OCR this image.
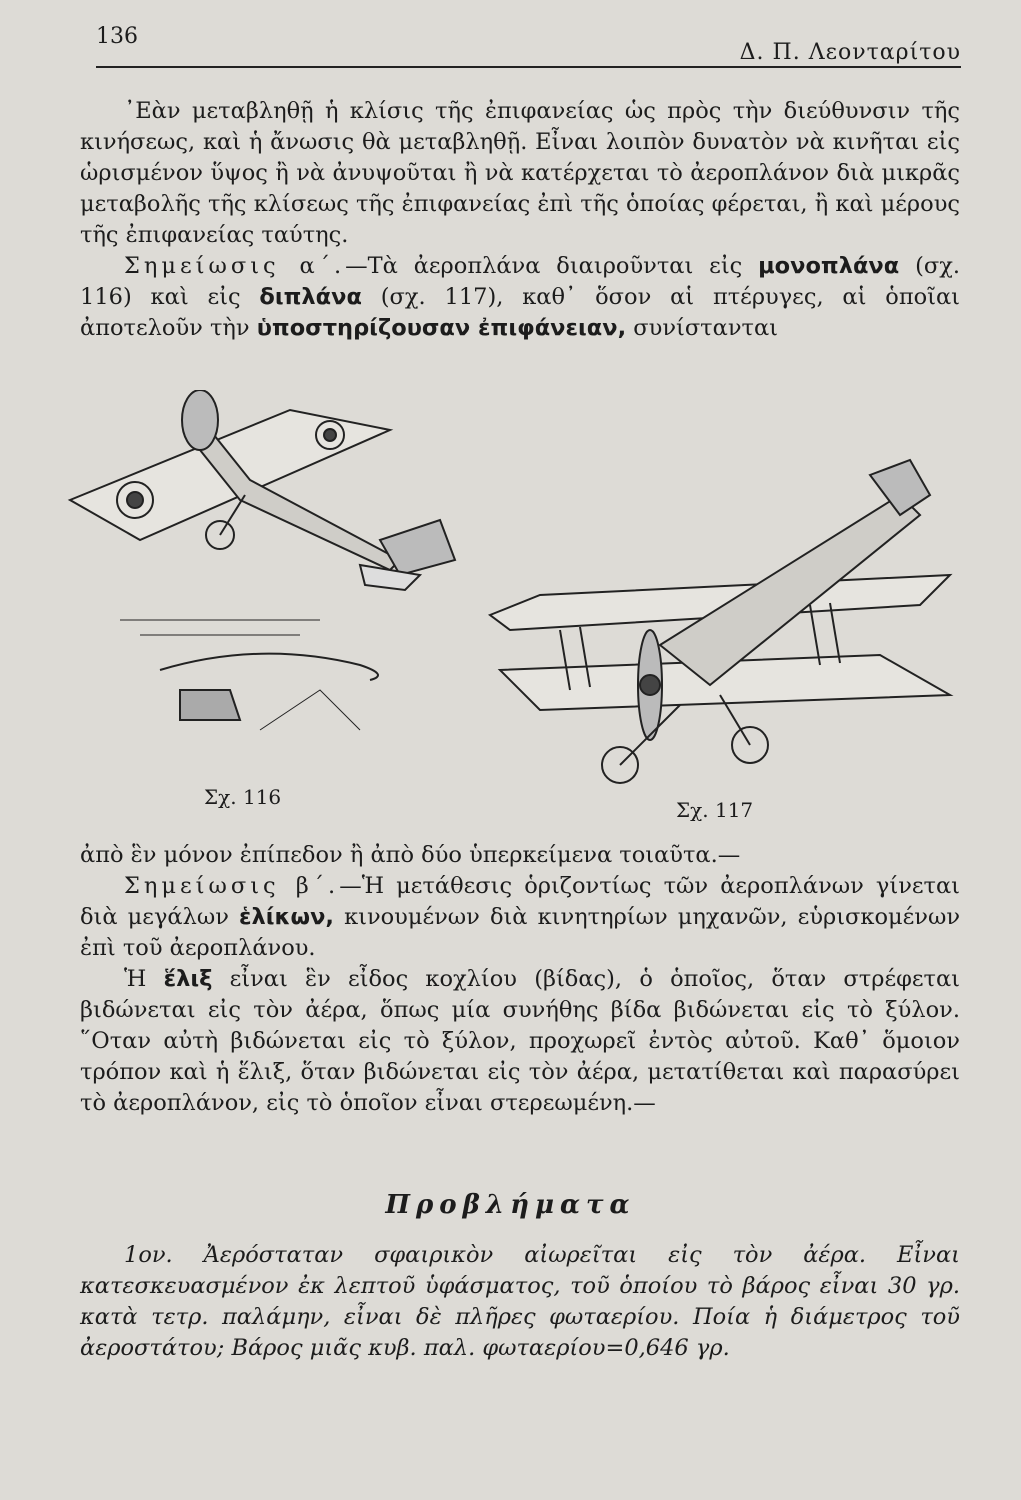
136
Δ. Π. Λεονταρίτου

᾽Εὰν μεταβληθῇ ἡ κλίσις τῆς ἐπιφανείας ὡς πρὸς τὴν διεύθυνσιν τῆς κινήσεως, καὶ ἡ ἄνωσις θὰ μεταβληθῇ. Εἶναι λοιπὸν δυνατὸν νὰ κινῆται εἰς ὡρισμένον ὕψος ἢ νὰ ἀνυψοῦται ἢ νὰ κατέρχεται τὸ ἀεροπλάνον διὰ μικρᾶς μεταβολῆς τῆς κλίσεως τῆς ἐπιφανείας ἐπὶ τῆς ὁποίας φέρεται, ἢ καὶ μέρους τῆς ἐπιφανείας ταύτης.

Σημείωσις α΄.—Τὰ ἀεροπλάνα διαιροῦνται εἰς μονοπλάνα (σχ. 116) καὶ εἰς διπλάνα (σχ. 117), καθ᾽ ὅσον αἱ πτέρυγες, αἱ ὁποῖαι ἀποτελοῦν τὴν ὑποστηρίζουσαν ἐπιφάνειαν, συνίστανται

Σχ. 116
Σχ. 117

ἀπὸ ἓν μόνον ἐπίπεδον ἢ ἀπὸ δύο ὑπερκείμενα τοιαῦτα.—

Σημείωσις β΄.—Ἡ μετάθεσις ὁριζοντίως τῶν ἀεροπλάνων γίνεται διὰ μεγάλων ἑλίκων, κινουμένων διὰ κινητηρίων μηχανῶν, εὑρισκομένων ἐπὶ τοῦ ἀεροπλάνου.

Ἡ ἕλιξ εἶναι ἓν εἶδος κοχλίου (βίδας), ὁ ὁποῖος, ὅταν στρέφεται βιδώνεται εἰς τὸν ἀέρα, ὅπως μία συνήθης βίδα βιδώνεται εἰς τὸ ξύλον. ῞Οταν αὐτὴ βιδώνεται εἰς τὸ ξύλον, προχωρεῖ ἐντὸς αὐτοῦ. Καθ᾽ ὅμοιον τρόπον καὶ ἡ ἕλιξ, ὅταν βιδώνεται εἰς τὸν ἀέρα, μετατίθεται καὶ παρασύρει τὸ ἀεροπλάνον, εἰς τὸ ὁποῖον εἶναι στερεωμένη.—

Προβλήματα

1ον. Ἀερόσταταν σφαιρικὸν αἰωρεῖται εἰς τὸν ἀέρα. Εἶναι κατεσκευασμένον ἐκ λεπτοῦ ὑφάσματος, τοῦ ὁποίου τὸ βάρος εἶναι 30 γρ. κατὰ τετρ. παλάμην, εἶναι δὲ πλῆρες φωταερίου. Ποία ἡ διάμετρος τοῦ ἀεροστάτου; Βάρος μιᾶς κυβ. παλ. φωταερίου=0,646 γρ.
